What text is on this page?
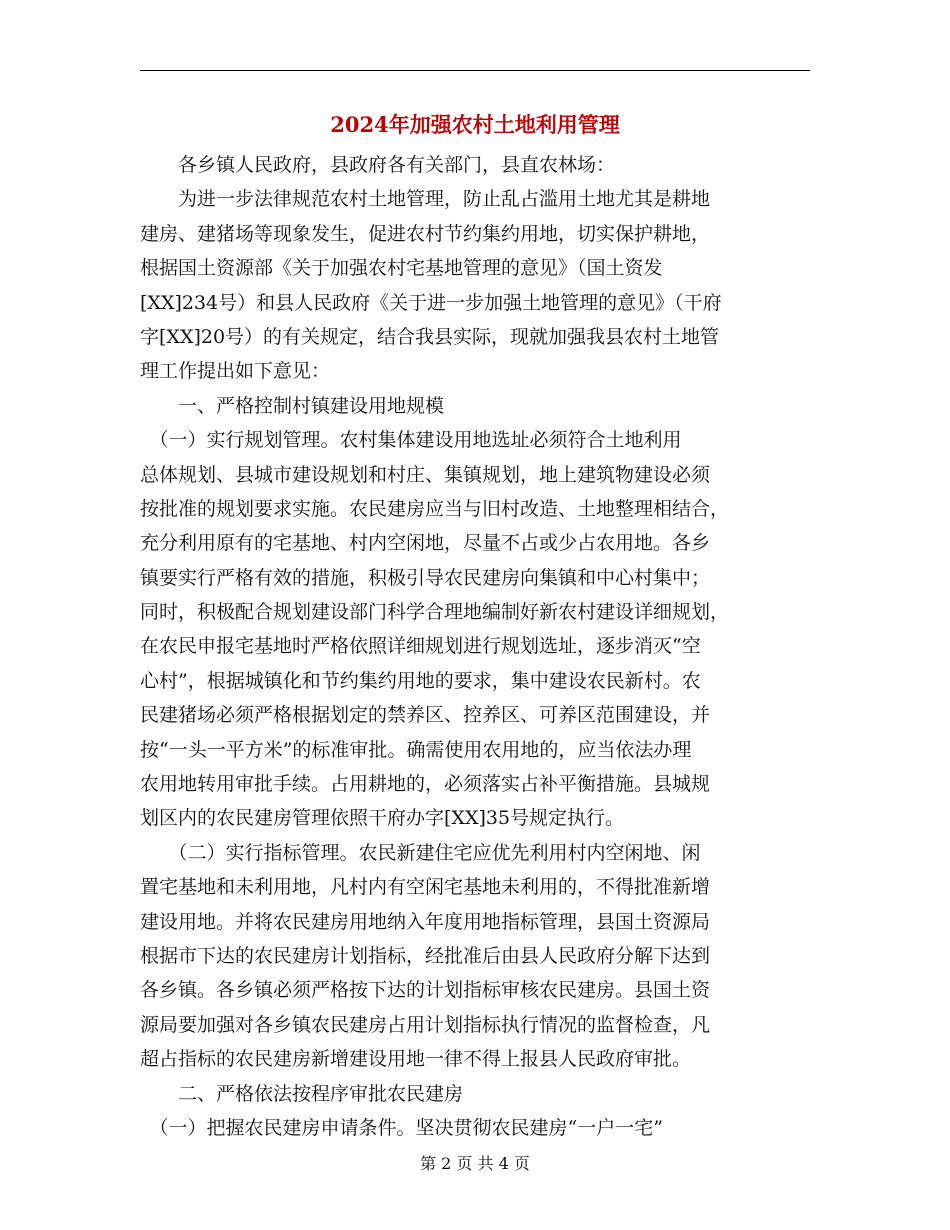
2024年加强农村土地利用管理
　　各乡镇人民政府，县政府各有关部门，县直农林场：
　　为进一步法律规范农村土地管理，防止乱占滥用土地尤其是耕地
建房、建猪场等现象发生，促进农村节约集约用地，切实保护耕地，
根据国土资源部《关于加强农村宅基地管理的意见》（国土资发
[XX]234号）和县人民政府《关于进一步加强土地管理的意见》（干府
字[XX]20号）的有关规定，结合我县实际，现就加强我县农村土地管
理工作提出如下意见：
　　一、严格控制村镇建设用地规模
　（一）实行规划管理。农村集体建设用地选址必须符合土地利用
总体规划、县城市建设规划和村庄、集镇规划，地上建筑物建设必须
按批准的规划要求实施。农民建房应当与旧村改造、土地整理相结合，
充分利用原有的宅基地、村内空闲地，尽量不占或少占农用地。各乡
镇要实行严格有效的措施，积极引导农民建房向集镇和中心村集中；
同时，积极配合规划建设部门科学合理地编制好新农村建设详细规划，
在农民申报宅基地时严格依照详细规划进行规划选址，逐步消灭“空
心村”，根据城镇化和节约集约用地的要求，集中建设农民新村。农
民建猪场必须严格根据划定的禁养区、控养区、可养区范围建设，并
按“一头一平方米”的标准审批。确需使用农用地的，应当依法办理
农用地转用审批手续。占用耕地的，必须落实占补平衡措施。县城规
划区内的农民建房管理依照干府办字[XX]35号规定执行。
　　（二）实行指标管理。农民新建住宅应优先利用村内空闲地、闲
置宅基地和未利用地，凡村内有空闲宅基地未利用的，不得批准新增
建设用地。并将农民建房用地纳入年度用地指标管理，县国土资源局
根据市下达的农民建房计划指标，经批准后由县人民政府分解下达到
各乡镇。各乡镇必须严格按下达的计划指标审核农民建房。县国土资
源局要加强对各乡镇农民建房占用计划指标执行情况的监督检查，凡
超占指标的农民建房新增建设用地一律不得上报县人民政府审批。
　　二、严格依法按程序审批农民建房
　（一）把握农民建房申请条件。坚决贯彻农民建房“一户一宅”
第 2 页 共 4 页
